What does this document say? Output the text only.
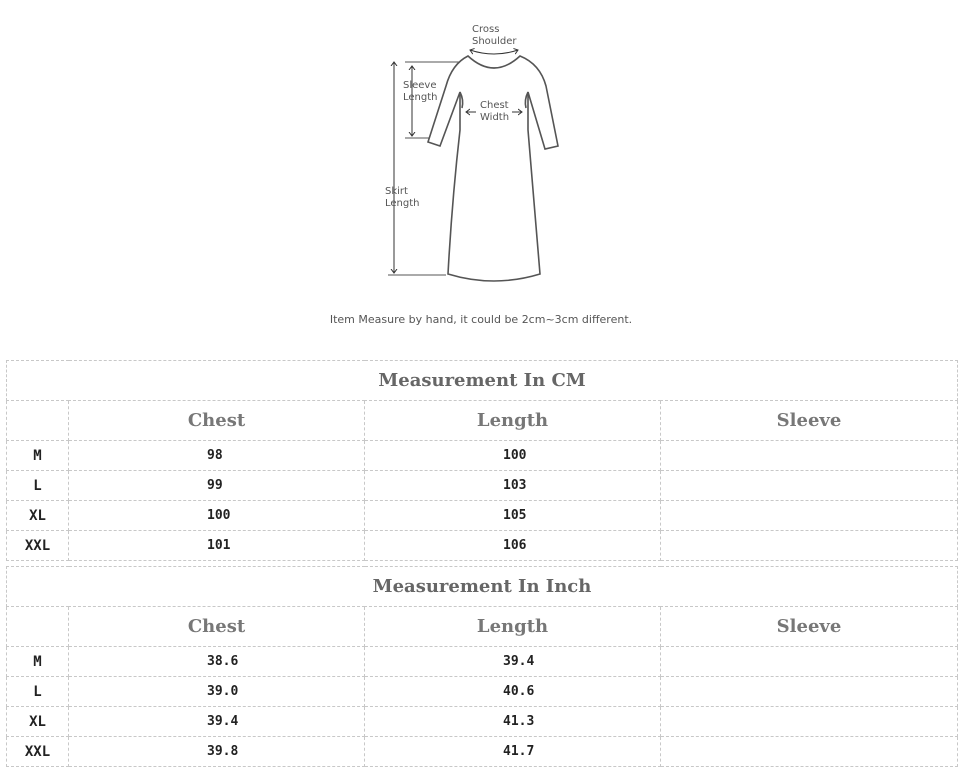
Cross
Shoulder
Sleeve
Length
Chest
Width
Skirt
Length
Item Measure by hand, it could be 2cm~3cm different.
Measurement In CM			
	Chest	Length	Sleeve
M	98	100	
L	99	103	
XL	100	105	
XXL	101	106	
Measurement In Inch			
	Chest	Length	Sleeve
M	38.6	39.4	
L	39.0	40.6	
XL	39.4	41.3	
XXL	39.8	41.7	
